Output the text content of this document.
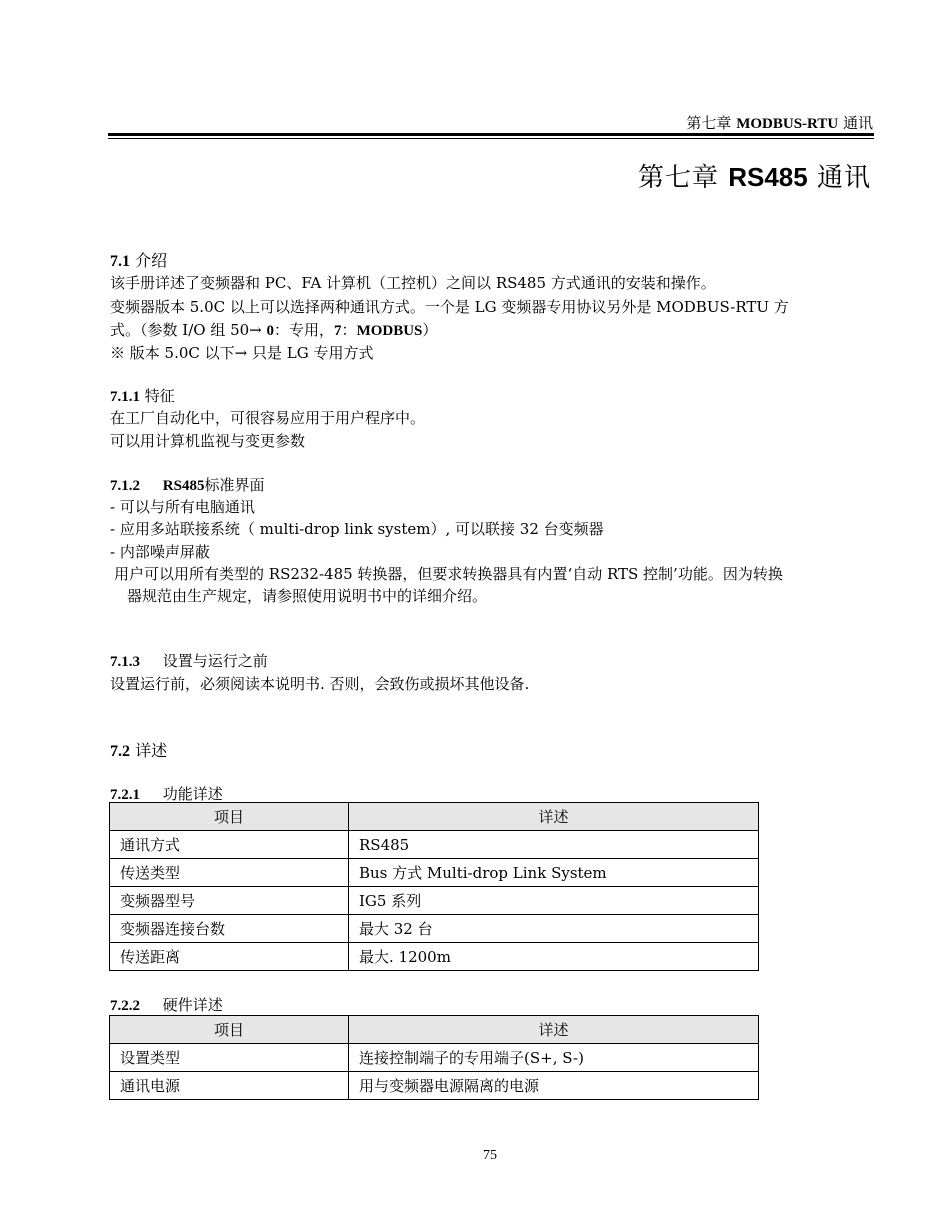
第七章 MODBUS-RTU 通讯
第七章 RS485 通讯
7.1 介绍
该手册详述了变频器和 PC、FA 计算机（工控机）之间以 RS485 方式通讯的安装和操作。
变频器版本 5.0C 以上可以选择两种通讯方式。一个是 LG 变频器专用协议另外是 MODBUS-RTU 方
式。（参数 I/O 组 50→ 0：专用，7：MODBUS）
※ 版本 5.0C 以下→ 只是 LG 专用方式
7.1.1 特征
在工厂自动化中，可很容易应用于用户程序中。
可以用计算机监视与变更参数
7.1.2 RS485标准界面
- 可以与所有电脑通讯
- 应用多站联接系统（ multi-drop link system）, 可以联接 32 台变频器
- 内部噪声屏蔽
用户可以用所有类型的 RS232-485 转换器，但要求转换器具有内置‘自动 RTS 控制’功能。因为转换
器规范由生产规定，请参照使用说明书中的详细介绍。
7.1.3 设置与运行之前
设置运行前，必须阅读本说明书. 否则，会致伤或损坏其他设备.
7.2 详述
7.2.1 功能详述
项目	详述
通讯方式	RS485
传送类型	Bus 方式 Multi-drop Link System
变频器型号	IG5 系列
变频器连接台数	最大 32 台
传送距离	最大. 1200m
7.2.2 硬件详述
项目	详述
设置类型	连接控制端子的专用端子(S+, S-)
通讯电源	用与变频器电源隔离的电源
75
